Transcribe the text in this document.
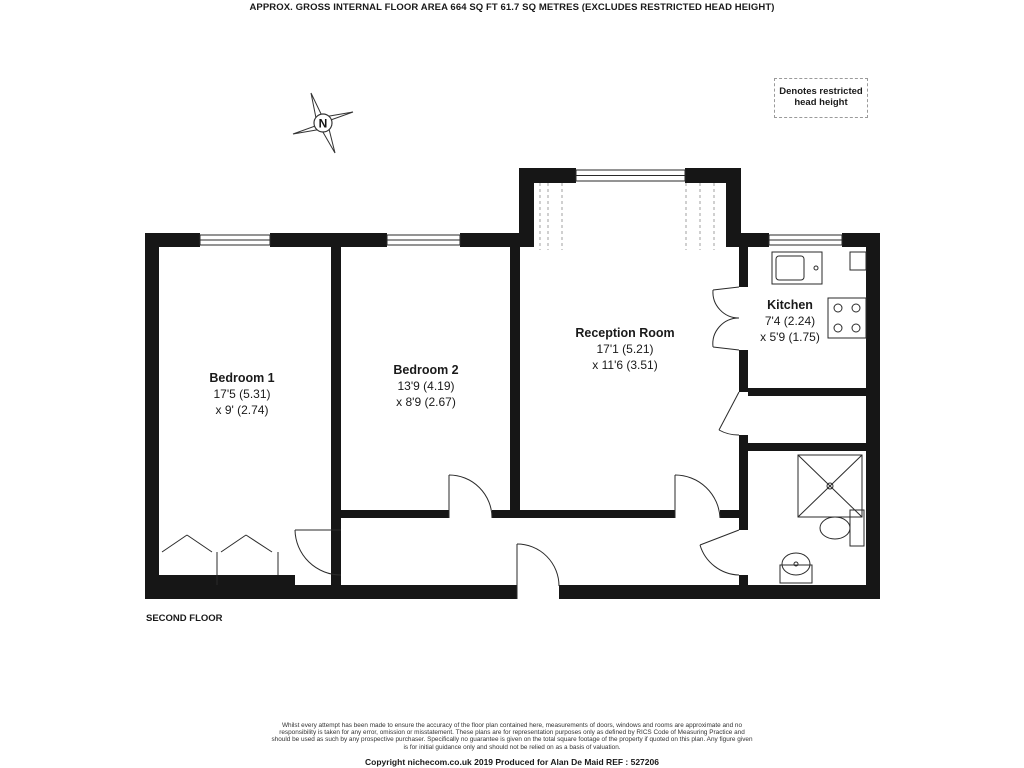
APPROX. GROSS INTERNAL FLOOR AREA 664 SQ FT 61.7 SQ METRES (EXCLUDES RESTRICTED HEAD HEIGHT)
Denotes restricted
head height
N
Bedroom 1
17'5 (5.31)
x 9' (2.74)
Bedroom 2
13'9 (4.19)
x 8'9 (2.67)
Reception Room
17'1 (5.21)
x 11'6 (3.51)
Kitchen
7'4 (2.24)
x 5'9 (1.75)
SECOND FLOOR
Whilst every attempt has been made to ensure the accuracy of the floor plan contained here, measurements of doors, windows and rooms are approximate and no responsibility is taken for any error, omission or misstatement. These plans are for representation purposes only as defined by RICS Code of Measuring Practice and should be used as such by any prospective purchaser. Specifically no guarantee is given on the total square footage of the property if quoted on this plan. Any figure given is for initial guidance only and should not be relied on as a basis of valuation.
Copyright nichecom.co.uk 2019 Produced for Alan De Maid REF : 527206
